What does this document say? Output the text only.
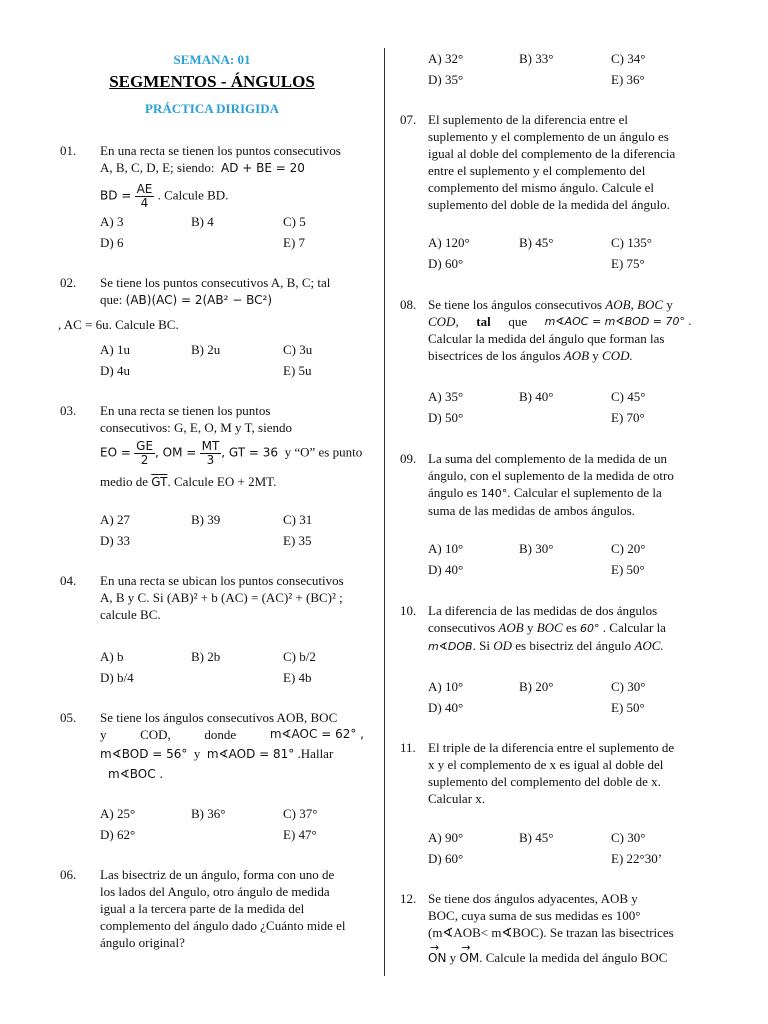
SEMANA: 01
SEGMENTOS - ÁNGULOS
PRÁCTICA DIRIGIDA
01.	En una recta se tienen los puntos consecutivos
A, B, C, D, E; siendo: AD + BE = 20
BD = $\frac{AE}{4}$ . Calcule BD.
A) 3	B) 4	C) 5
D) 6	E) 7
02.	Se tiene los puntos consecutivos A, B, C; tal
que: (AB)(AC) = 2(AB² − BC²)
, AC = 6u. Calcule BC.
A) 1u	B) 2u	C) 3u
D) 4u	E) 5u
03.	En una recta se tienen los puntos
consecutivos: G, E, O, M y T, siendo
EO = $\frac{GE}{2}$ , OM = $\frac{MT}{3}$ , GT = 36 y “O” es punto
medio de $\overline{GT}$. Calcule EO + 2MT.
A) 27	B) 39	C) 31
D) 33	E) 35
04.	En una recta se ubican los puntos consecutivos
A, B y C. Si (AB)² + b (AC) = (AC)² + (BC)² ;
calcule BC.
A) b	B) 2b	C) b/2
D) b/4	E) 4b
05.	Se tiene los ángulos consecutivos AOB, BOC
y	COD,	donde	m∢AOC = 62° ,
m∢BOD = 56° y m∢AOD = 81° .Hallar
m∢BOC .
A) 25°	B) 36°	C) 37°
D) 62°	E) 47°
06.	Las bisectriz de un ángulo, forma con uno de
los lados del Angulo, otro ángulo de medida
igual a la tercera parte de la medida del
complemento del ángulo dado ¿Cuánto mide el
ángulo original?
A) 32°	B) 33°	C) 34°
D) 35°	E) 36°
07. El suplemento de la diferencia entre el
suplemento y el complemento de un ángulo es
igual al doble del complemento de la diferencia
entre el suplemento y el complemento del
complemento del mismo ángulo. Calcule el
suplemento del doble de la medida del ángulo.
A) 120°	B) 45°	C) 135°
D) 60°	E) 75°
08. Se tiene los ángulos consecutivos AOB, BOC y
COD, tal que m∢AOC = m∢BOD = 70° .
Calcular la medida del ángulo que forman las
bisectrices de los ángulos AOB y COD.
A) 35°	B) 40°	C) 45°
D) 50°	E) 70°
09. La suma del complemento de la medida de un
ángulo, con el suplemento de la medida de otro
ángulo es 140°. Calcular el suplemento de la
suma de las medidas de ambos ángulos.
A) 10°	B) 30°	C) 20°
D) 40°	E) 50°
10. La diferencia de las medidas de dos ángulos
consecutivos AOB y BOC es 60° . Calcular la
m∢DOB. Si OD es bisectriz del ángulo AOC.
A) 10°	B) 20°	C) 30°
D) 40°	E) 50°
11. El triple de la diferencia entre el suplemento de
x y el complemento de x es igual al doble del
suplemento del complemento del doble de x.
Calcular x.
A) 90°	B) 45°	C) 30°
D) 60°	E) 22°30’
12. Se tiene dos ángulos adyacentes, AOB y
BOC, cuya suma de sus medidas es 100°
(m∢AOB< m∢BOC). Se trazan las bisectrices
→ ON y → OM. Calcule la medida del ángulo BOC
